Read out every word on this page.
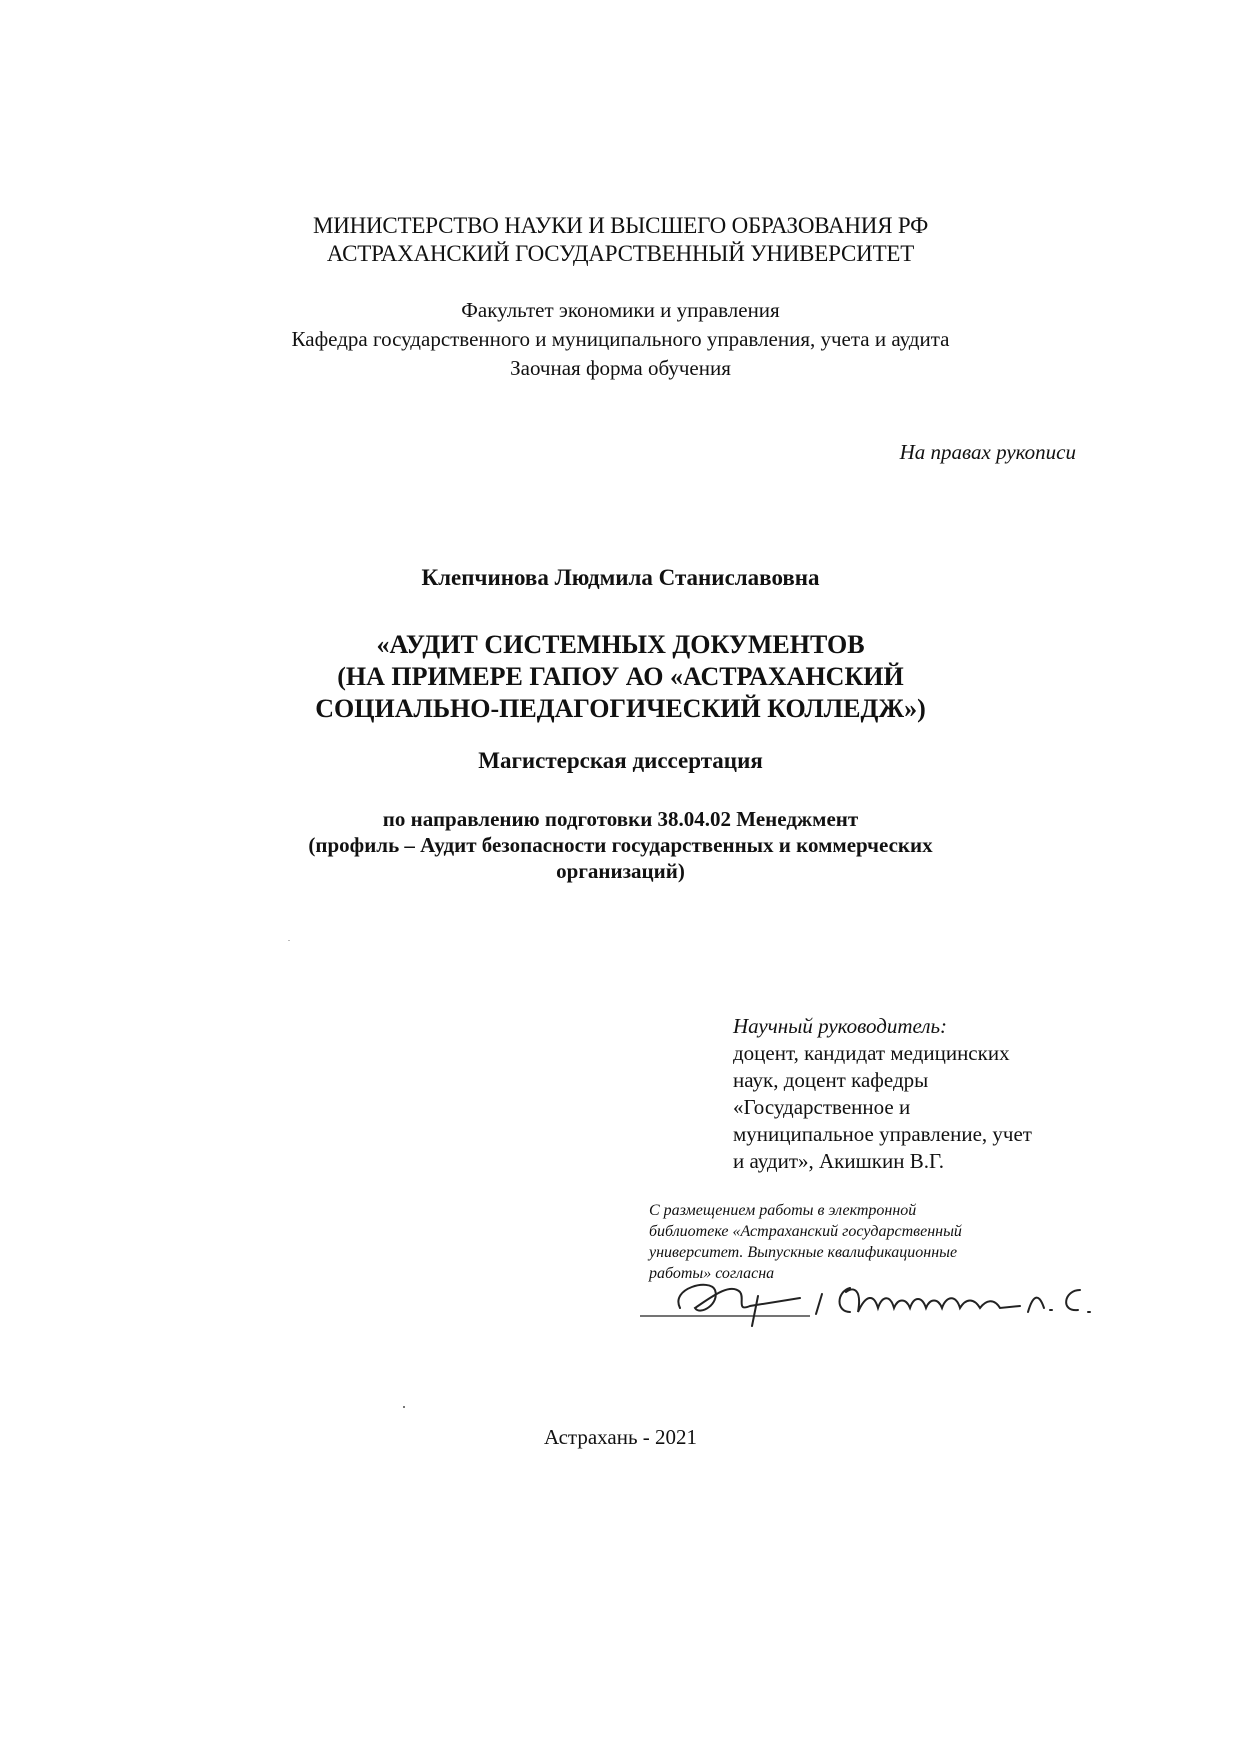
МИНИСТЕРСТВО НАУКИ И ВЫСШЕГО ОБРАЗОВАНИЯ РФ
АСТРАХАНСКИЙ ГОСУДАРСТВЕННЫЙ УНИВЕРСИТЕТ
Факультет экономики и управления
Кафедра государственного и муниципального управления, учета и аудита
Заочная форма обучения
На правах рукописи
Клепчинова Людмила Станиславовна
«АУДИТ СИСТЕМНЫХ ДОКУМЕНТОВ
(НА ПРИМЕРЕ ГАПОУ АО «АСТРАХАНСКИЙ
СОЦИАЛЬНО-ПЕДАГОГИЧЕСКИЙ КОЛЛЕДЖ»)
Магистерская диссертация
по направлению подготовки 38.04.02 Менеджмент
(профиль – Аудит безопасности государственных и коммерческих
организаций)
Научный руководитель:
доцент, кандидат медицинских
наук, доцент кафедры
«Государственное и
муниципальное управление, учет
и аудит», Акишкин В.Г.
С размещением работы в электронной
библиотеке «Астраханский государственный
университет. Выпускные квалификационные
работы» согласна
Астрахань - 2021
